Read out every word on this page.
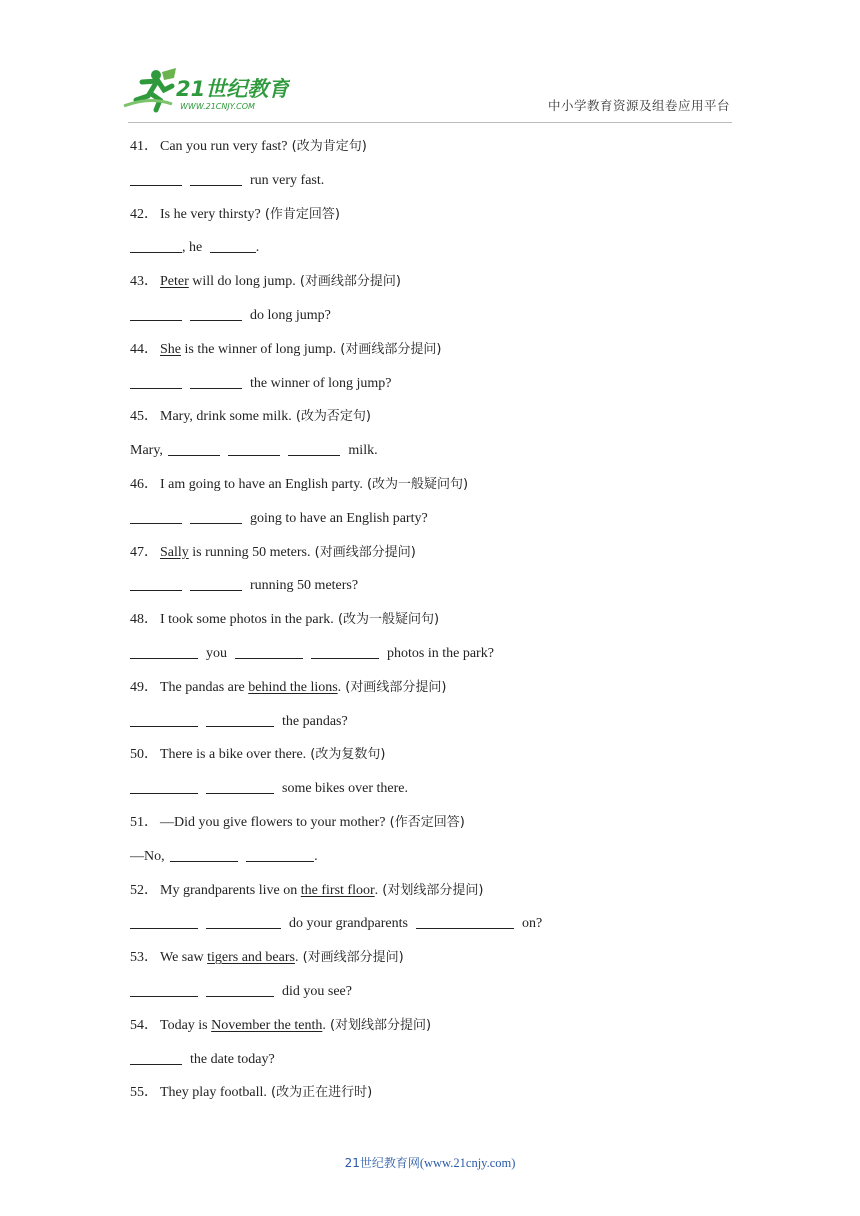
21世纪教育
WWW.21CNJY.COM	中小学教育资源及组卷应用平台
41． Can you run very fast? (改为肯定句)
run very fast.
42． Is he very thirsty? (作肯定回答)
, he	.
43． Peter will do long jump. (对画线部分提问)
do long jump?
44． She is the winner of long jump. (对画线部分提问)
the winner of long jump?
45． Mary, drink some milk. (改为否定句)
Mary,	milk.
46． I am going to have an English party. (改为一般疑问句)
going to have an English party?
47． Sally is running 50 meters. (对画线部分提问)
running 50 meters?
48． I took some photos in the park. (改为一般疑问句)
you	photos in the park?
49． The pandas are behind the lions . (对画线部分提问)
the pandas?
50． There is a bike over there. (改为复数句)
some bikes over there.
51． —Did you give flowers to your mother? (作否定回答)
—No,	.
52． My grandparents live on the first floor . (对划线部分提问)
do your grandparents	on?
53． We saw tigers and bears . (对画线部分提问)
did you see?
54． Today is November the tenth . (对划线部分提问)
the date today?
55． They play football. (改为正在进行时)
21世纪教育网(www.21cnjy.com)
